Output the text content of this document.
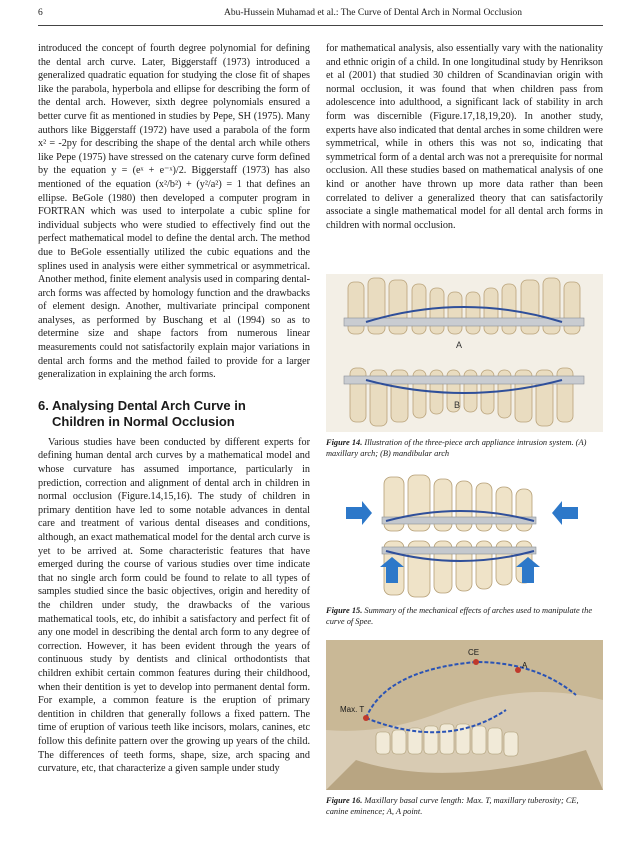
6	Abu-Hussein Muhamad et al.: The Curve of Dental Arch in Normal Occlusion

introduced the concept of fourth degree polynomial for defining the dental arch curve. Later, Biggerstaff (1973) introduced a generalized quadratic equation for studying the close fit of shapes like the parabola, hyperbola and ellipse for describing the form of the dental arch. However, sixth degree polynomials ensured a better curve fit as mentioned in studies by Pepe, SH (1975). Many authors like Biggerstaff (1972) have used a parabola of the form x² = -2py for describing the shape of the dental arch while others like Pepe (1975) have stressed on the catenary curve form defined by the equation y = (eˣ + e⁻ˣ)/2. Biggerstaff (1973) has also mentioned of the equation (x²/b²) + (y²/a²) = 1 that defines an ellipse. BeGole (1980) then developed a computer program in FORTRAN which was used to interpolate a cubic spline for individual subjects who were studied to effectively find out the perfect mathematical model to define the dental arch. The method due to BeGole essentially utilized the cubic equations and the splines used in analysis were either symmetrical or asymmetrical. Another method, finite element analysis used in comparing dental-arch forms was affected by homology function and the drawbacks of element design. Another, multivariate principal component analyses, as performed by Buschang et al (1994) so as to determine size and shape factors from numerous linear measurements could not satisfactorily explain major variations in dental arch forms and the method failed to provide for a larger generalization in explaining the arch forms.

6. Analysing Dental Arch Curve in
Children in Normal Occlusion

Various studies have been conducted by different experts for defining human dental arch curves by a mathematical model and whose curvature has assumed importance, particularly in prediction, correction and alignment of dental arch in children in normal occlusion (Figure.14,15,16). The study of children in primary dentition have led to some notable advances in dental care and treatment of various dental diseases and conditions, although, an exact mathematical model for the dental arch curve is yet to be arrived at. Some characteristic features that have emerged during the course of various studies over time indicate that no single arch form could be found to relate to all types of samples studied since the basic objectives, origin and heredity of the children under study, the drawbacks of the various mathematical tools, etc, do inhibit a satisfactory and perfect fit of any one model in describing the dental arch form to any degree of correction. However, it has been evident through the years of continuous study by dentists and clinical orthodontists that children exhibit certain common features during their childhood, when their dentition is yet to develop into permanent dental form. For example, a common feature is the eruption of primary dentition in children that generally follows a fixed pattern. The time of eruption of various teeth like incisors, molars, canines, etc follow this definite pattern over the growing up years of the child. The differences of teeth forms, shape, size, arch spacing and curvature, etc, that characterize a given sample under study

for mathematical analysis, also essentially vary with the nationality and ethnic origin of a child. In one longitudinal study by Henrikson et al (2001) that studied 30 children of Scandinavian origin with normal occlusion, it was found that when children pass from adolescence into adulthood, a significant lack of stability in arch form was discernible (Figure.17,18,19,20). In another study, experts have also indicated that dental arches in some children were symmetrical, while in others this was not so, indicating that symmetrical form of a dental arch was not a prerequisite for normal occlusion. All these studies based on mathematical analysis of one kind or another have thrown up more data rather than been correlated to deliver a generalized theory that can satisfactorily associate a single mathematical model for all dental arch forms in children with normal occlusion.

A
B
Figure 14. Illustration of the three-piece arch appliance intrusion system. (A) maxillary arch; (B) mandibular arch
Figure 15. Summary of the mechanical effects of arches used to manipulate the curve of Spee.
CE
A
Max. T
Figure 16. Maxillary basal curve length: Max. T, maxillary tuberosity; CE, canine eminence; A, A point.
